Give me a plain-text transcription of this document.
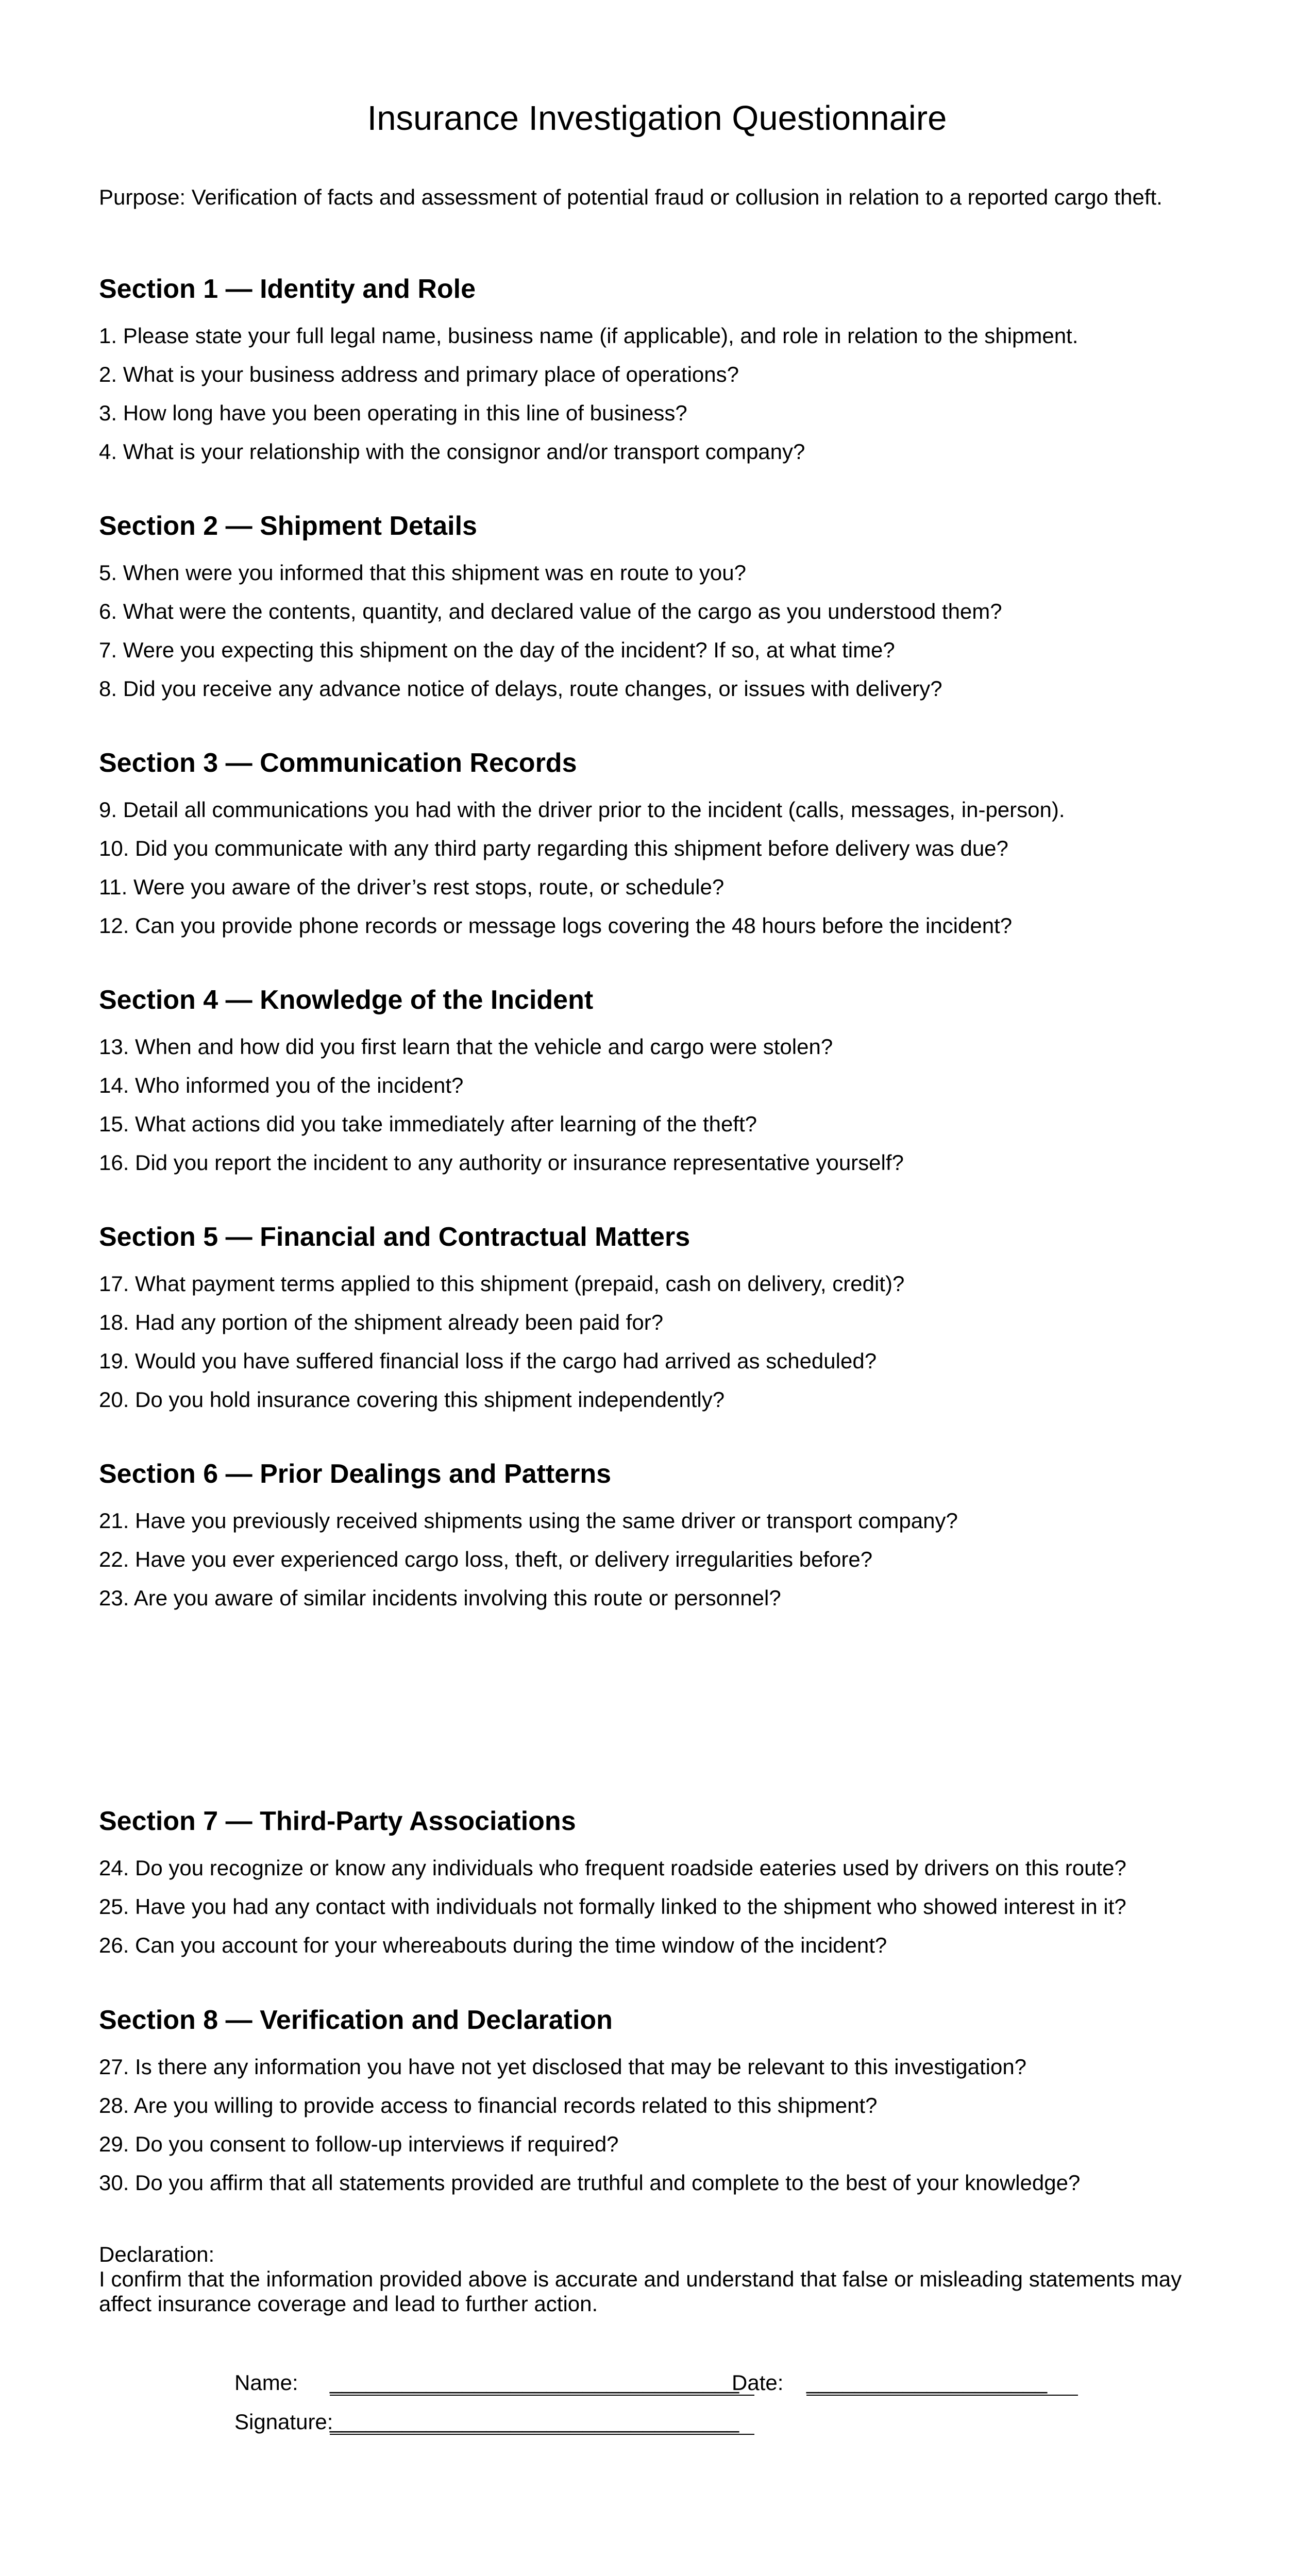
Insurance Investigation Questionnaire

Purpose: Verification of facts and assessment of potential fraud or collusion in relation to a reported cargo theft.

Section 1 — Identity and Role
1. Please state your full legal name, business name (if applicable), and role in relation to the shipment.
2. What is your business address and primary place of operations?
3. How long have you been operating in this line of business?
4. What is your relationship with the consignor and/or transport company?
Section 2 — Shipment Details
5. When were you informed that this shipment was en route to you?
6. What were the contents, quantity, and declared value of the cargo as you understood them?
7. Were you expecting this shipment on the day of the incident? If so, at what time?
8. Did you receive any advance notice of delays, route changes, or issues with delivery?
Section 3 — Communication Records
9. Detail all communications you had with the driver prior to the incident (calls, messages, in-person).
10. Did you communicate with any third party regarding this shipment before delivery was due?
11. Were you aware of the driver’s rest stops, route, or schedule?
12. Can you provide phone records or message logs covering the 48 hours before the incident?
Section 4 — Knowledge of the Incident
13. When and how did you first learn that the vehicle and cargo were stolen?
14. Who informed you of the incident?
15. What actions did you take immediately after learning of the theft?
16. Did you report the incident to any authority or insurance representative yourself?
Section 5 — Financial and Contractual Matters
17. What payment terms applied to this shipment (prepaid, cash on delivery, credit)?
18. Had any portion of the shipment already been paid for?
19. Would you have suffered financial loss if the cargo had arrived as scheduled?
20. Do you hold insurance covering this shipment independently?
Section 6 — Prior Dealings and Patterns
21. Have you previously received shipments using the same driver or transport company?
22. Have you ever experienced cargo loss, theft, or delivery irregularities before?
23. Are you aware of similar incidents involving this route or personnel?
Section 7 — Third-Party Associations
24. Do you recognize or know any individuals who frequent roadside eateries used by drivers on this route?
25. Have you had any contact with individuals not formally linked to the shipment who showed interest in it?
26. Can you account for your whereabouts during the time window of the incident?
Section 8 — Verification and Declaration
27. Is there any information you have not yet disclosed that may be relevant to this investigation?
28. Are you willing to provide access to financial records related to this shipment?
29. Do you consent to follow-up interviews if required?
30. Do you affirm that all statements provided are truthful and complete to the best of your knowledge?

Declaration:

I confirm that the information provided above is accurate and understand that false or misleading statements may affect insurance coverage and lead to further action.

Name: __________________________________
Date: ____________________
Signature:
__________________________________
